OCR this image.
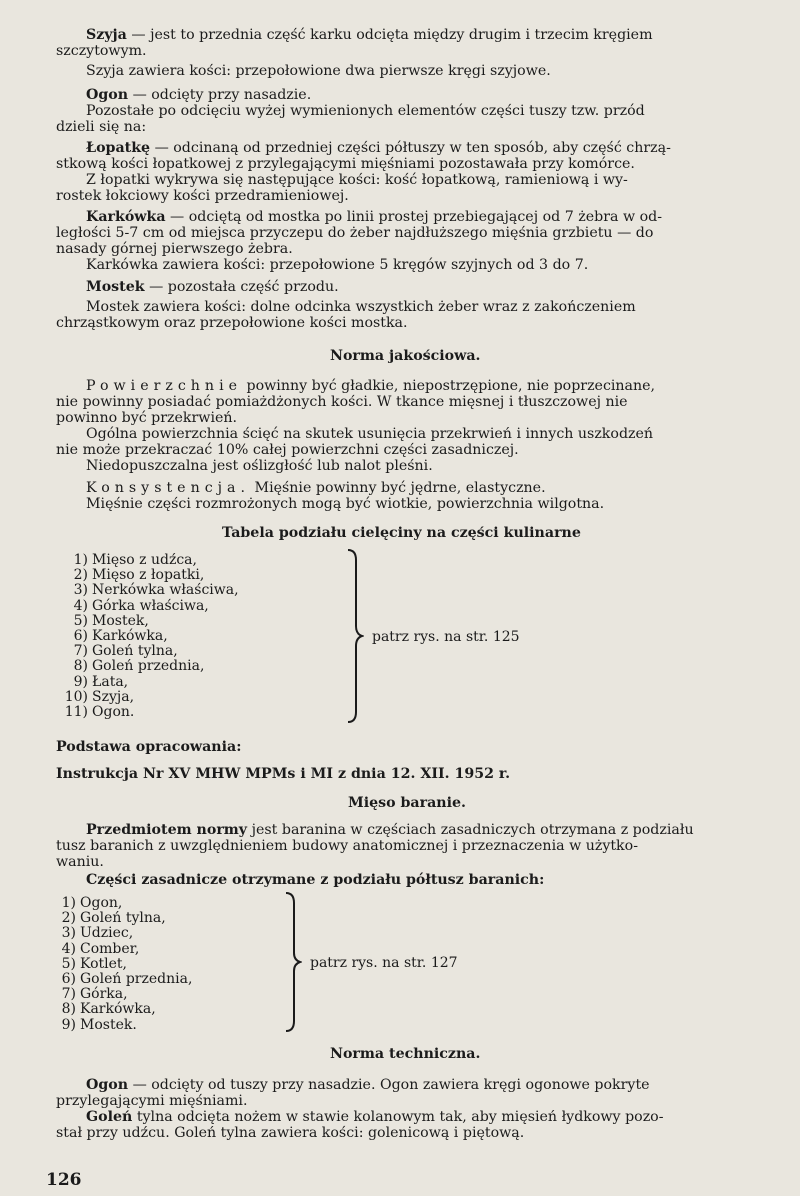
Szyja — jest to przednia część karku odcięta między drugim i trzecim kręgiem
szczytowym.
Szyja zawiera kości: przepołowione dwa pierwsze kręgi szyjowe.
Ogon — odcięty przy nasadzie.
Pozostałe po odcięciu wyżej wymienionych elementów części tuszy tzw. przód
dzieli się na:
Łopatkę — odcinaną od przedniej części półtuszy w ten sposób, aby część chrzą-
stkową kości łopatkowej z przylegającymi mięśniami pozostawała przy komórce.
Z łopatki wykrywa się następujące kości: kość łopatkową, ramieniową i wy-
rostek łokciowy kości przedramieniowej.
Karkówka — odciętą od mostka po linii prostej przebiegającej od 7 żebra w od-
ległości 5-7 cm od miejsca przyczepu do żeber najdłuższego mięśnia grzbietu — do
nasady górnej pierwszego żebra.
Karkówka zawiera kości: przepołowione 5 kręgów szyjnych od 3 do 7.
Mostek — pozostała część przodu.
Mostek zawiera kości: dolne odcinka wszystkich żeber wraz z zakończeniem
chrząstkowym oraz przepołowione kości mostka.
Norma jakościowa.
Powierzchnie powinny być gładkie, niepostrzępione, nie poprzecinane,
nie powinny posiadać pomiażdżonych kości. W tkance mięsnej i tłuszczowej nie
powinno być przekrwień.
Ogólna powierzchnia ścięć na skutek usunięcia przekrwień i innych uszkodzeń
nie może przekraczać 10% całej powierzchni części zasadniczej.
Niedopuszczalna jest oślizgłość lub nalot pleśni.
Konsystencja. Mięśnie powinny być jędrne, elastyczne.
Mięśnie części rozmrożonych mogą być wiotkie, powierzchnia wilgotna.
Tabela podziału cielęciny na części kulinarne
1) Mięso z udźca,
2) Mięso z łopatki,
3) Nerkówka właściwa,
4) Górka właściwa,
5) Mostek,
6) Karkówka,
7) Goleń tylna,
8) Goleń przednia,
9) Łata,
10) Szyja,
11) Ogon.
patrz rys. na str. 125
Podstawa opracowania:
Instrukcja Nr XV MHW MPMs i MI z dnia 12. XII. 1952 r.
Mięso baranie.
Przedmiotem normy jest baranina w częściach zasadniczych otrzymana z podziału
tusz baranich z uwzględnieniem budowy anatomicznej i przeznaczenia w użytko-
waniu.
Części zasadnicze otrzymane z podziału półtusz baranich:
1) Ogon,
2) Goleń tylna,
3) Udziec,
4) Comber,
5) Kotlet,
6) Goleń przednia,
7) Górka,
8) Karkówka,
9) Mostek.
patrz rys. na str. 127
Norma techniczna.
Ogon — odcięty od tuszy przy nasadzie. Ogon zawiera kręgi ogonowe pokryte
przylegającymi mięśniami.
Goleń tylna odcięta nożem w stawie kolanowym tak, aby mięsień łydkowy pozo-
stał przy udźcu. Goleń tylna zawiera kości: golenicową i piętową.
126
